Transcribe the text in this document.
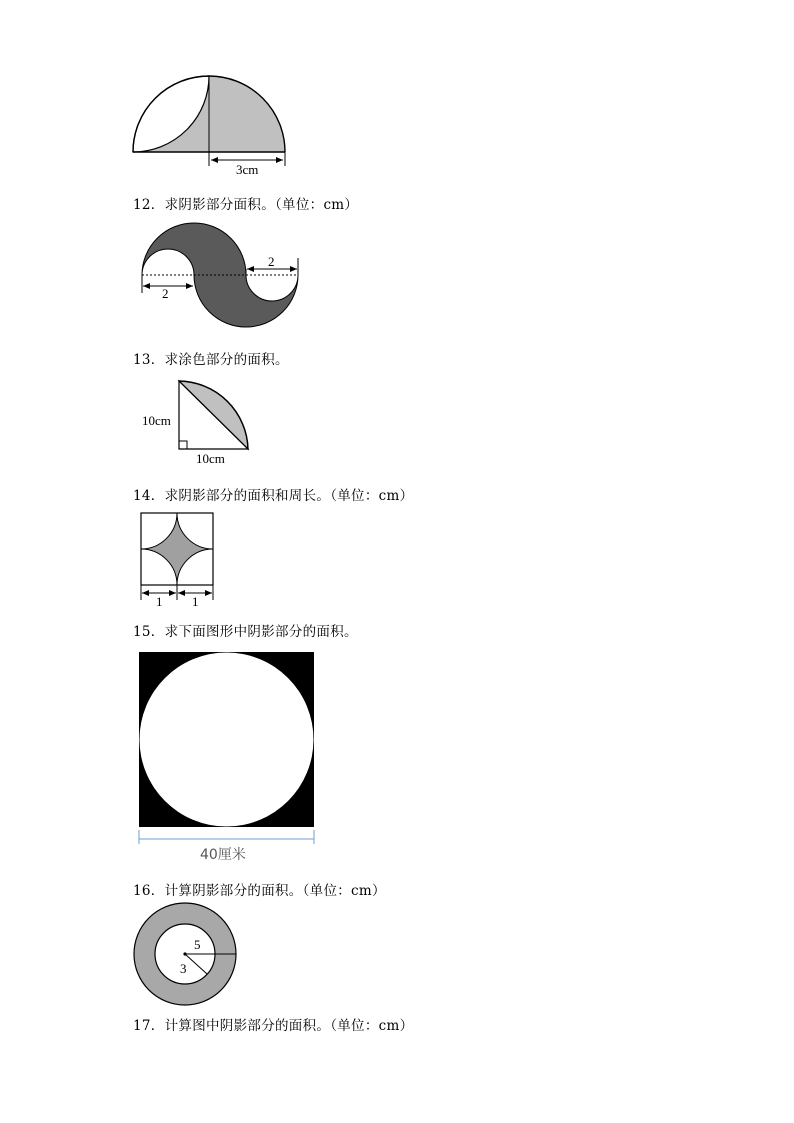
3cm
12．求阴影部分面积。（单位：cm）
2
2
13．求涂色部分的面积。
10cm
10cm
14．求阴影部分的面积和周长。（单位：cm）
1 1
15．求下面图形中阴影部分的面积。
40厘米
16．计算阴影部分的面积。（单位：cm）
5
3
17．计算图中阴影部分的面积。（单位：cm）
